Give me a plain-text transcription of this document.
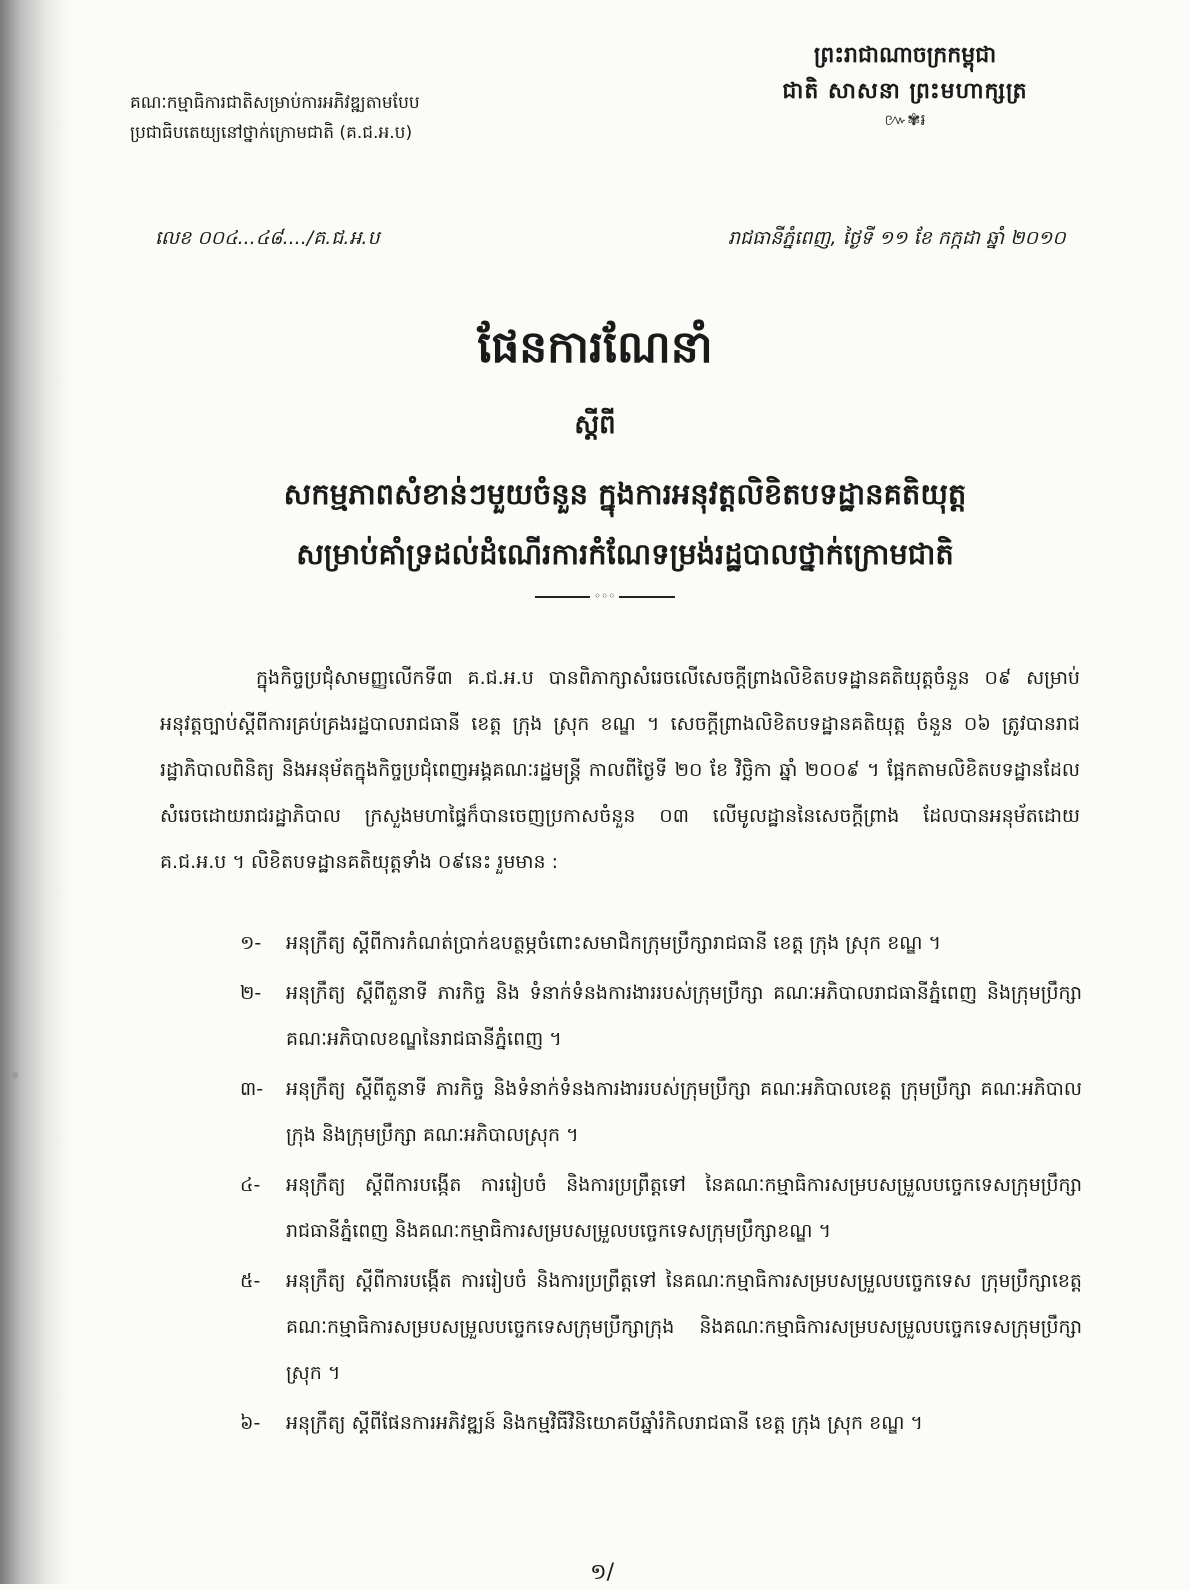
គណៈកម្មាធិការជាតិសម្រាប់ការអភិវឌ្ឍតាមបែប
ប្រជាធិបតេយ្យនៅថ្នាក់ក្រោមជាតិ (គ.ជ.អ.ប)
ព្រះរាជាណាចក្រកម្ពុជា
ជាតិ សាសនា ព្រះមហាក្សត្រ
៚✾៛
លេខ ០០៤...៤៨..../គ.ជ.អ.ប	រាជធានីភ្នំពេញ, ថ្ងៃទី ១១ ខែ កក្កដា ឆ្នាំ ២០១០
ផែនការណែនាំ
ស្តីពី
សកម្មភាពសំខាន់ៗមួយចំនួន ក្នុងការអនុវត្តលិខិតបទដ្ឋានគតិយុត្ត
សម្រាប់គាំទ្រដល់ដំណើរការកំណែទម្រង់រដ្ឋបាលថ្នាក់ក្រោមជាតិ
◦◦◦
ក្នុងកិច្ចប្រជុំសាមញ្ញលើកទី៣ គ.ជ.អ.ប បានពិភាក្សាសំរេចលើសេចក្តីព្រាងលិខិតបទដ្ឋានគតិយុត្តចំនួន ០៩ សម្រាប់អនុវត្តច្បាប់ស្តីពីការគ្រប់គ្រងរដ្ឋបាលរាជធានី ខេត្ត ក្រុង ស្រុក ខណ្ឌ ។ សេចក្តីព្រាងលិខិតបទដ្ឋានគតិយុត្ត ចំនួន ០៦ ត្រូវបានរាជរដ្ឋាភិបាលពិនិត្យ និងអនុម័តក្នុងកិច្ចប្រជុំពេញអង្គគណៈរដ្ឋមន្ត្រី កាលពីថ្ងៃទី ២០ ខែ វិច្ឆិកា ឆ្នាំ ២០០៩ ។ ផ្អែកតាមលិខិតបទដ្ឋានដែលសំរេចដោយរាជរដ្ឋាភិបាល ក្រសួងមហាផ្ទៃក៏បានចេញប្រកាសចំនួន ០៣ លើមូលដ្ឋាននៃសេចក្តីព្រាង ដែលបានអនុម័តដោយ គ.ជ.អ.ប ។ លិខិតបទដ្ឋានគតិយុត្តទាំង ០៩នេះ រួមមាន :
១-	អនុក្រឹត្យ ស្តីពីការកំណត់ប្រាក់ឧបត្ថម្ភចំពោះសមាជិកក្រុមប្រឹក្សារាជធានី ខេត្ត ក្រុង ស្រុក ខណ្ឌ ។
២-	អនុក្រឹត្យ ស្តីពីតួនាទី ភារកិច្ច និង ទំនាក់ទំនងការងាររបស់ក្រុមប្រឹក្សា គណៈអភិបាលរាជធានីភ្នំពេញ និងក្រុមប្រឹក្សា គណៈអភិបាលខណ្ឌនៃរាជធានីភ្នំពេញ ។
៣-	អនុក្រឹត្យ ស្តីពីតួនាទី ភារកិច្ច និងទំនាក់ទំនងការងាររបស់ក្រុមប្រឹក្សា គណៈអភិបាលខេត្ត ក្រុមប្រឹក្សា គណៈអភិបាលក្រុង និងក្រុមប្រឹក្សា គណៈអភិបាលស្រុក ។
៤-	អនុក្រឹត្យ ស្តីពីការបង្កើត ការរៀបចំ និងការប្រព្រឹត្តទៅ នៃគណៈកម្មាធិការសម្របសម្រួលបច្ចេកទេសក្រុមប្រឹក្សារាជធានីភ្នំពេញ និងគណៈកម្មាធិការសម្របសម្រួលបច្ចេកទេសក្រុមប្រឹក្សាខណ្ឌ ។
៥-	អនុក្រឹត្យ ស្តីពីការបង្កើត ការរៀបចំ និងការប្រព្រឹត្តទៅ នៃគណៈកម្មាធិការសម្របសម្រួលបច្ចេកទេស ក្រុមប្រឹក្សាខេត្ត គណៈកម្មាធិការសម្របសម្រួលបច្ចេកទេសក្រុមប្រឹក្សាក្រុង និងគណៈកម្មាធិការសម្របសម្រួលបច្ចេកទេសក្រុមប្រឹក្សាស្រុក ។
៦-	អនុក្រឹត្យ ស្តីពីផែនការអភិវឌ្ឍន៍ និងកម្មវិធីវិនិយោគបីឆ្នាំរំកិលរាជធានី ខេត្ត ក្រុង ស្រុក ខណ្ឌ ។
១/
